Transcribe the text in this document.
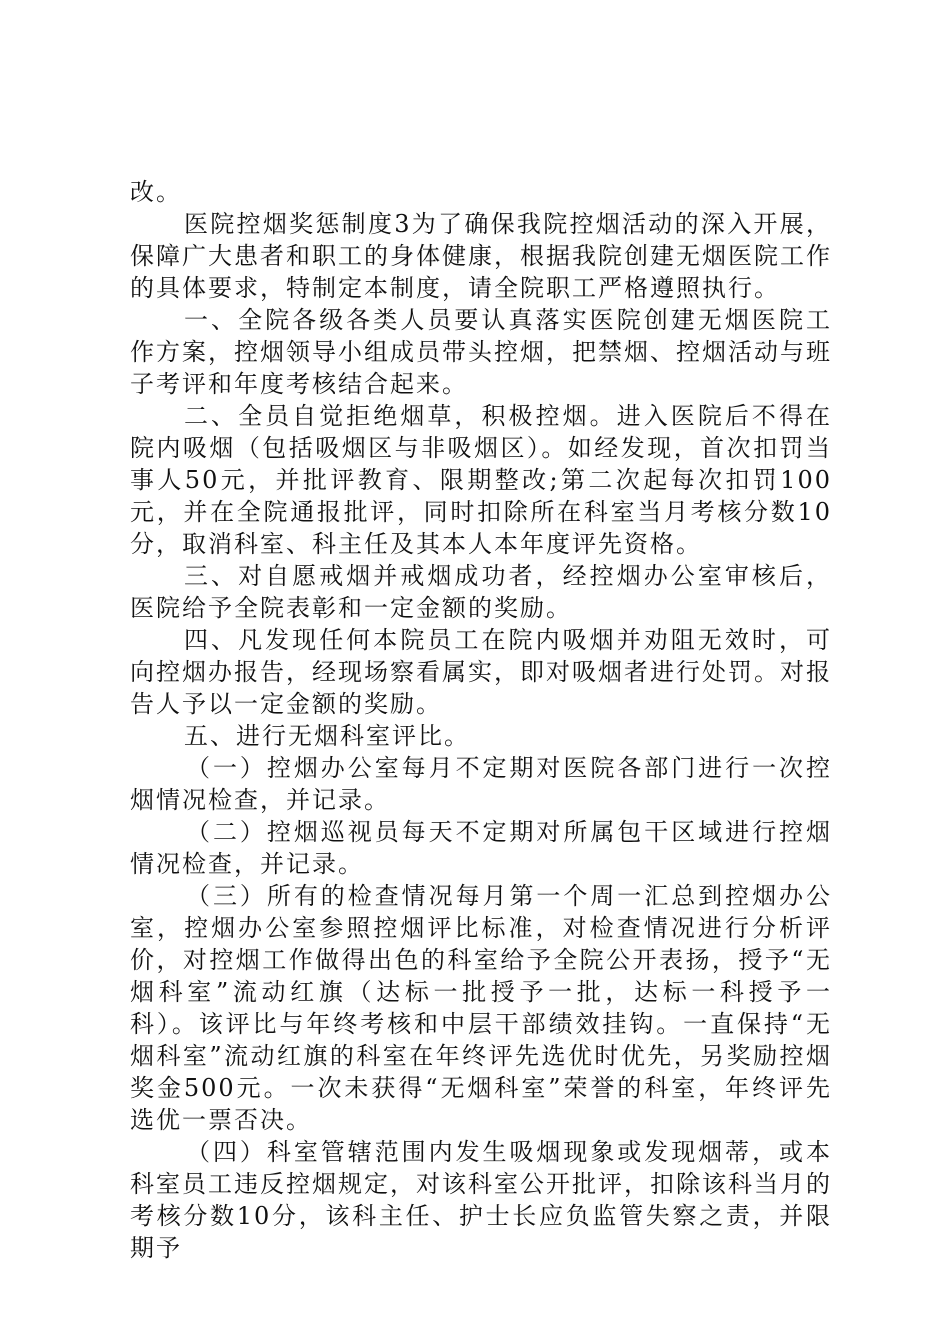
改。

医院控烟奖惩制度3为了确保我院控烟活动的深入开展，保障广大患者和职工的身体健康，根据我院创建无烟医院工作的具体要求，特制定本制度，请全院职工严格遵照执行。

一、全院各级各类人员要认真落实医院创建无烟医院工作方案，控烟领导小组成员带头控烟，把禁烟、控烟活动与班子考评和年度考核结合起来。

二、全员自觉拒绝烟草，积极控烟。进入医院后不得在院内吸烟（包括吸烟区与非吸烟区）。如经发现，首次扣罚当事人50元，并批评教育、限期整改;第二次起每次扣罚100元，并在全院通报批评，同时扣除所在科室当月考核分数10分，取消科室、科主任及其本人本年度评先资格。

三、对自愿戒烟并戒烟成功者，经控烟办公室审核后，医院给予全院表彰和一定金额的奖励。

四、凡发现任何本院员工在院内吸烟并劝阻无效时，可向控烟办报告，经现场察看属实，即对吸烟者进行处罚。对报告人予以一定金额的奖励。

五、进行无烟科室评比。

（一）控烟办公室每月不定期对医院各部门进行一次控烟情况检查，并记录。

（二）控烟巡视员每天不定期对所属包干区域进行控烟情况检查，并记录。

（三）所有的检查情况每月第一个周一汇总到控烟办公室，控烟办公室参照控烟评比标准，对检查情况进行分析评价，对控烟工作做得出色的科室给予全院公开表扬，授予“无烟科室”流动红旗（达标一批授予一批，达标一科授予一科）。该评比与年终考核和中层干部绩效挂钩。一直保持“无烟科室”流动红旗的科室在年终评先选优时优先，另奖励控烟奖金500元。一次未获得“无烟科室”荣誉的科室，年终评先选优一票否决。

（四）科室管辖范围内发生吸烟现象或发现烟蒂，或本科室员工违反控烟规定，对该科室公开批评，扣除该科当月的考核分数10分，该科主任、护士长应负监管失察之责，并限期予
